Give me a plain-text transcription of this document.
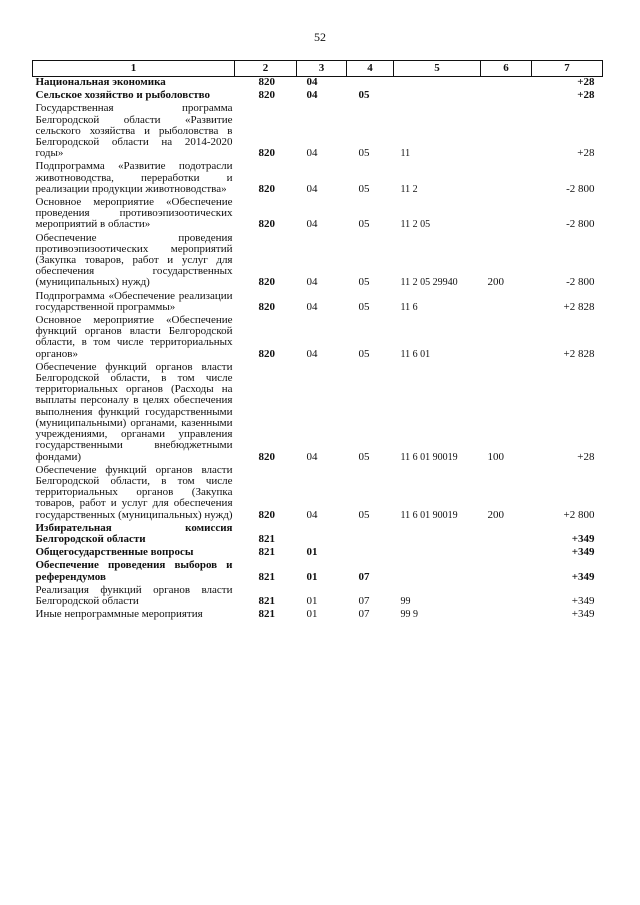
52
1	2	3	4	5	6	7
Национальная экономика	820	04				+28
Сельское хозяйство и рыболовство	820	04	05			+28
Государственная программа Белгородской области «Развитие сельского хозяйства и рыболовства в Белгородской области на 2014-2020 годы»	820	04	05	11		+28
Подпрограмма «Развитие подотрасли животноводства, переработки и реализации продукции животноводства»	820	04	05	11 2		-2 800
Основное мероприятие «Обеспечение проведения противоэпизоотических мероприятий в области»	820	04	05	11 2 05		-2 800
Обеспечение проведения противоэпизоотических мероприятий (Закупка товаров, работ и услуг для обеспечения государственных (муниципальных) нужд)	820	04	05	11 2 05 29940	200	-2 800
Подпрограмма «Обеспечение реализации государственной программы»	820	04	05	11 6		+2 828
Основное мероприятие «Обеспечение функций органов власти Белгородской области, в том числе территориальных органов»	820	04	05	11 6 01		+2 828
Обеспечение функций органов власти Белгородской области, в том числе территориальных органов (Расходы на выплаты персоналу в целях обеспечения выполнения функций государственными (муниципальными) органами, казенными учреждениями, органами управления государственными внебюджетными фондами)	820	04	05	11 6 01 90019	100	+28
Обеспечение функций органов власти Белгородской области, в том числе территориальных органов (Закупка товаров, работ и услуг для обеспечения государственных (муниципальных) нужд)	820	04	05	11 6 01 90019	200	+2 800
Избирательная комиссия Белгородской области	821					+349
Общегосударственные вопросы	821	01				+349
Обеспечение проведения выборов и референдумов	821	01	07			+349
Реализация функций органов власти Белгородской области	821	01	07	99		+349
Иные непрограммные мероприятия	821	01	07	99 9		+349
